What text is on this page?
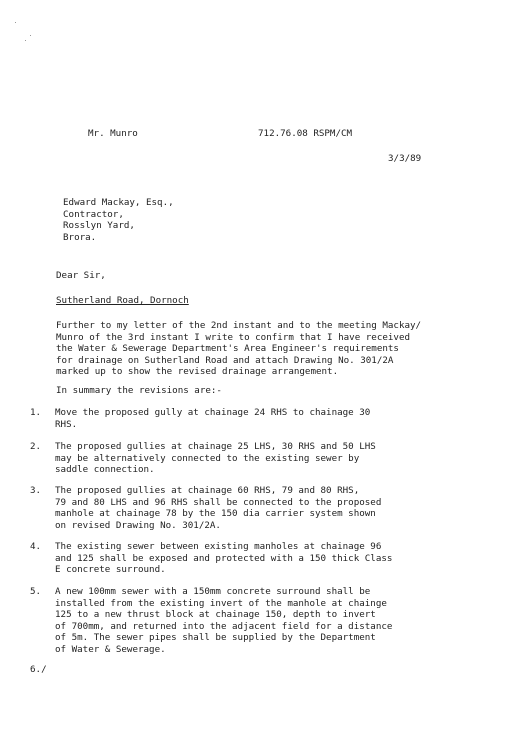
Mr. Munro	712.76.08 RSPM/CM
3/3/89
Edward Mackay, Esq.,
Contractor,
Rosslyn Yard,
Brora.
Dear Sir,
Sutherland Road, Dornoch
Further to my letter of the 2nd instant and to the meeting Mackay/
Munro of the 3rd instant I write to confirm that I have received
the Water & Sewerage Department's Area Engineer's requirements
for drainage on Sutherland Road and attach Drawing No. 301/2A
marked up to show the revised drainage arrangement.
In summary the revisions are:-
1. Move the proposed gully at chainage 24 RHS to chainage 30
RHS.
2. The proposed gullies at chainage 25 LHS, 30 RHS and 50 LHS
may be alternatively connected to the existing sewer by
saddle connection.
3. The proposed gullies at chainage 60 RHS, 79 and 80 RHS,
79 and 80 LHS and 96 RHS shall be connected to the proposed
manhole at chainage 78 by the 150 dia carrier system shown
on revised Drawing No. 301/2A.
4. The existing sewer between existing manholes at chainage 96
and 125 shall be exposed and protected with a 150 thick Class
E concrete surround.
5. A new 100mm sewer with a 150mm concrete surround shall be
installed from the existing invert of the manhole at chainge
125 to a new thrust block at chainage 150, depth to invert
of 700mm, and returned into the adjacent field for a distance
of 5m. The sewer pipes shall be supplied by the Department
of Water & Sewerage.
6./
